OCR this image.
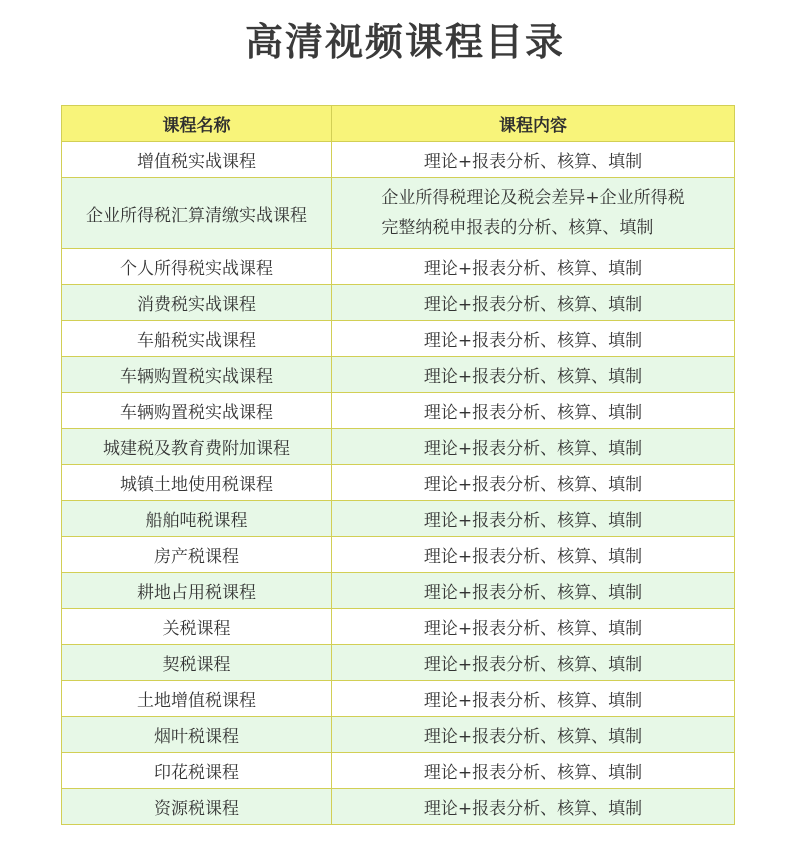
高清视频课程目录
课程名称	课程内容
增值税实战课程	理论+报表分析、核算、填制
企业所得税汇算清缴实战课程	企业所得税理论及税会差异+企业所得税
完整纳税申报表的分析、核算、填制
个人所得税实战课程	理论+报表分析、核算、填制
消费税实战课程	理论+报表分析、核算、填制
车船税实战课程	理论+报表分析、核算、填制
车辆购置税实战课程	理论+报表分析、核算、填制
车辆购置税实战课程	理论+报表分析、核算、填制
城建税及教育费附加课程	理论+报表分析、核算、填制
城镇土地使用税课程	理论+报表分析、核算、填制
船舶吨税课程	理论+报表分析、核算、填制
房产税课程	理论+报表分析、核算、填制
耕地占用税课程	理论+报表分析、核算、填制
关税课程	理论+报表分析、核算、填制
契税课程	理论+报表分析、核算、填制
土地增值税课程	理论+报表分析、核算、填制
烟叶税课程	理论+报表分析、核算、填制
印花税课程	理论+报表分析、核算、填制
资源税课程	理论+报表分析、核算、填制
